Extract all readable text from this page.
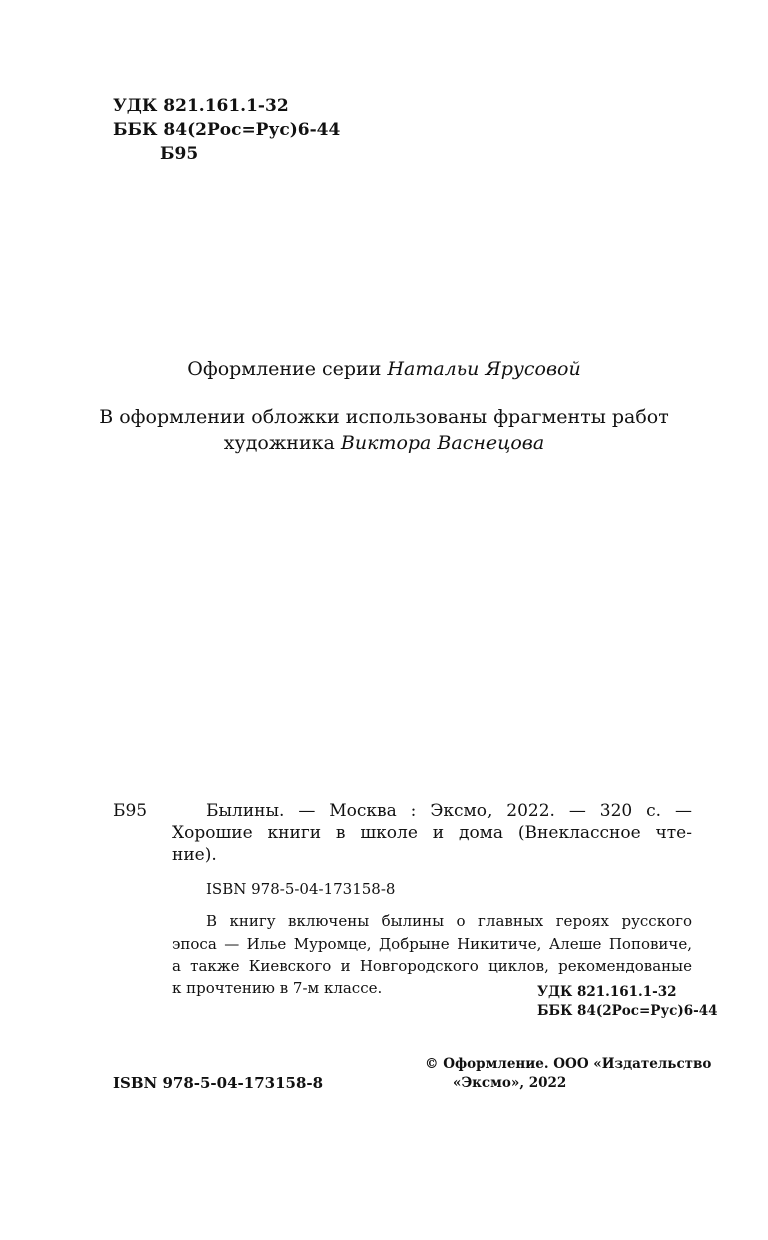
УДК 821.161.1-32
ББК 84(2Рос=Рус)6-44
Б95
Оформление серии Натальи Ярусовой
В оформлении обложки использованы фрагменты работ
художника Виктора Васнецова
Б95	Былины. — Москва : Эксмо, 2022. — 320 с. —
Хорошие книги в школе и дома (Внеклассное чте-
ние).
ISBN 978-5-04-173158-8
В книгу включены былины о главных героях русского
эпоса — Илье Муромце, Добрыне Никитиче, Алеше Поповиче,
а также Киевского и Новгородского циклов, рекомендованые
к прочтению в 7-м классе.	УДК 821.161.1-32
ББК 84(2Рос=Рус)6-44
ISBN 978-5-04-173158-8
© Оформление. ООО «Издательство
«Эксмо», 2022
